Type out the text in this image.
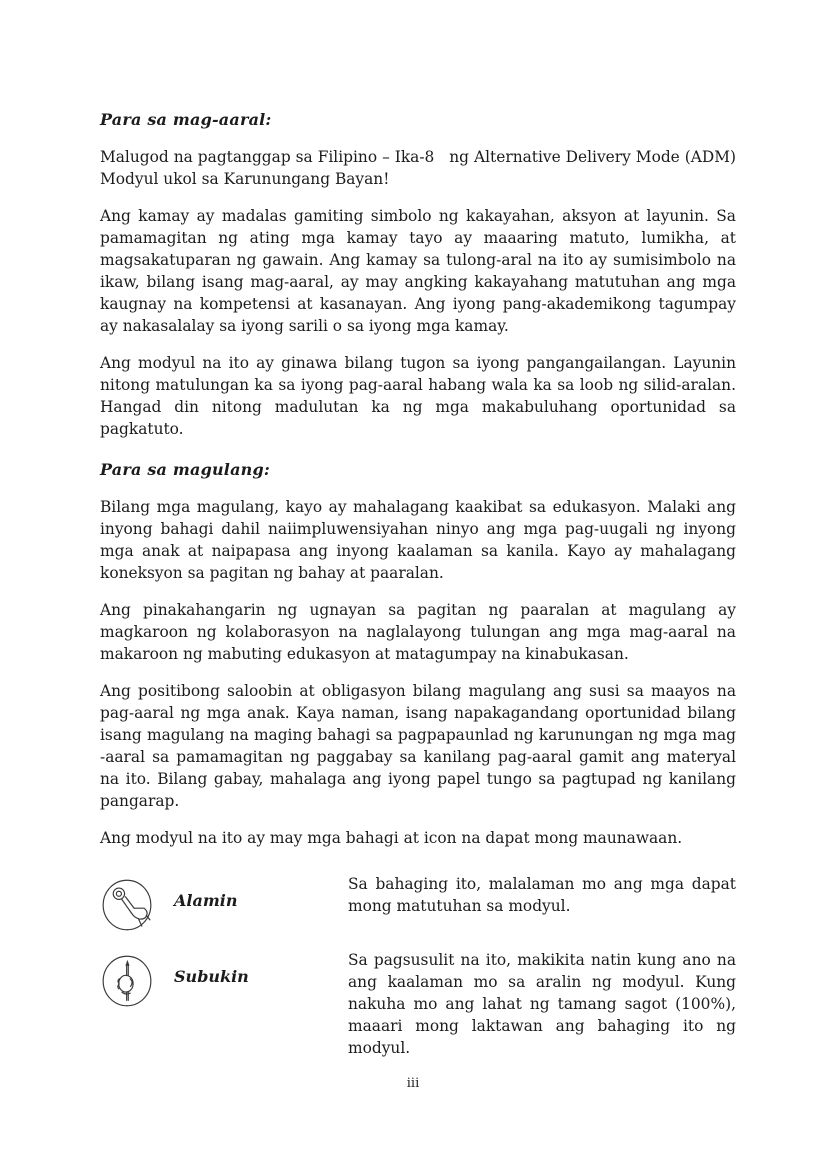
Para sa mag-aaral:

Malugod na pagtanggap sa Filipino – Ika-8   ng Alternative Delivery Mode (ADM) Modyul ukol sa Karunungang Bayan!

Ang kamay ay madalas gamiting simbolo ng kakayahan, aksyon at layunin. Sa pamamagitan ng ating mga kamay tayo ay maaaring matuto, lumikha, at magsakatuparan ng gawain. Ang kamay sa tulong-aral na ito ay sumisimbolo na ikaw, bilang isang mag-aaral, ay may angking kakayahang matutuhan ang mga kaugnay na kompetensi at kasanayan. Ang iyong pang-akademikong tagumpay ay nakasalalay sa iyong sarili o sa iyong mga kamay.

Ang modyul na ito ay ginawa bilang tugon sa iyong pangangailangan. Layunin nitong matulungan ka sa iyong pag-aaral habang wala ka sa loob ng silid-aralan. Hangad din nitong madulutan ka ng mga makabuluhang oportunidad sa pagkatuto.

Para sa magulang:

Bilang mga magulang, kayo ay mahalagang kaakibat sa edukasyon. Malaki ang inyong bahagi dahil naiimpluwensiyahan ninyo ang mga pag-uugali ng inyong mga anak at naipapasa ang inyong kaalaman sa kanila. Kayo ay mahalagang koneksyon sa pagitan ng bahay at paaralan.

Ang pinakahangarin ng ugnayan sa pagitan ng paaralan at magulang ay magkaroon ng kolaborasyon na naglalayong tulungan ang mga mag-aaral na makaroon ng mabuting edukasyon at matagumpay na kinabukasan.

Ang positibong saloobin at obligasyon bilang magulang ang susi sa maayos na pag-aaral ng mga anak. Kaya naman, isang napakagandang oportunidad bilang isang magulang na maging bahagi sa pagpapaunlad ng karunungan ng mga mag -aaral sa pamamagitan ng paggabay sa kanilang pag-aaral gamit ang materyal na ito. Bilang gabay, mahalaga ang iyong papel tungo sa pagtupad ng kanilang pangarap.

Ang modyul na ito ay may mga bahagi at icon na dapat mong maunawaan.

Alamin
Sa bahaging ito, malalaman mo ang mga dapat mong matutuhan sa modyul.
Subukin
Sa pagsusulit na ito, makikita natin kung ano na ang kaalaman mo sa aralin ng modyul. Kung nakuha mo ang lahat ng tamang sagot (100%), maaari mong laktawan ang bahaging ito ng modyul.
iii
